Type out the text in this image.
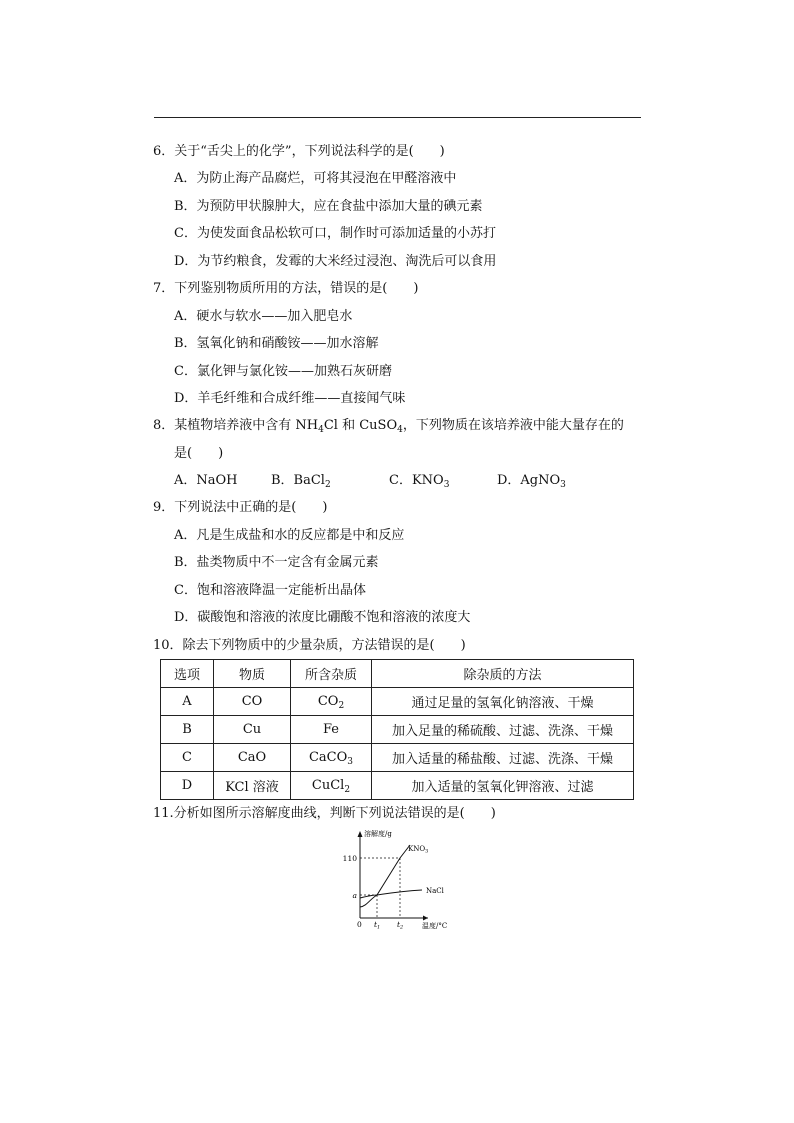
6．关于“舌尖上的化学”，下列说法科学的是(　　)
A．为防止海产品腐烂，可将其浸泡在甲醛溶液中
B．为预防甲状腺肿大，应在食盐中添加大量的碘元素
C．为使发面食品松软可口，制作时可添加适量的小苏打
D．为节约粮食，发霉的大米经过浸泡、淘洗后可以食用
7．下列鉴别物质所用的方法，错误的是(　　)
A．硬水与软水——加入肥皂水
B．氢氧化钠和硝酸铵——加水溶解
C．氯化钾与氯化铵——加熟石灰研磨
D．羊毛纤维和合成纤维——直接闻气味
8．某植物培养液中含有 $NH_4Cl$ 和 CuSO$_4$，下列物质在该培养液中能大量存在的
是(　　)
A．NaOH	B．BaCl$_2$	C．$KNO_3$	D．AgNO$_3$
9．下列说法中正确的是(　　)
A．凡是生成盐和水的反应都是中和反应
B．盐类物质中不一定含有金属元素
C．饱和溶液降温一定能析出晶体
D．碳酸饱和溶液的浓度比硼酸不饱和溶液的浓度大
10．除去下列物质中的少量杂质，方法错误的是(　　)
选项	物质	所含杂质	除杂质的方法
A	CO	$CO_2$	通过足量的氢氧化钠溶液、干燥
B	Cu	Fe	加入足量的稀硫酸、过滤、洗涤、干燥
C	CaO	CaCO$_3$	加入适量的稀盐酸、过滤、洗涤、干燥
D	KCl 溶液	CuCl$_2$	加入适量的氢氧化钾溶液、过滤
11.分析如图所示溶解度曲线，判断下列说法错误的是(　　)
溶解度/g
温度/°C
110
a
0 $t_1$ $t_2$
$KNO_3$
NaCl
